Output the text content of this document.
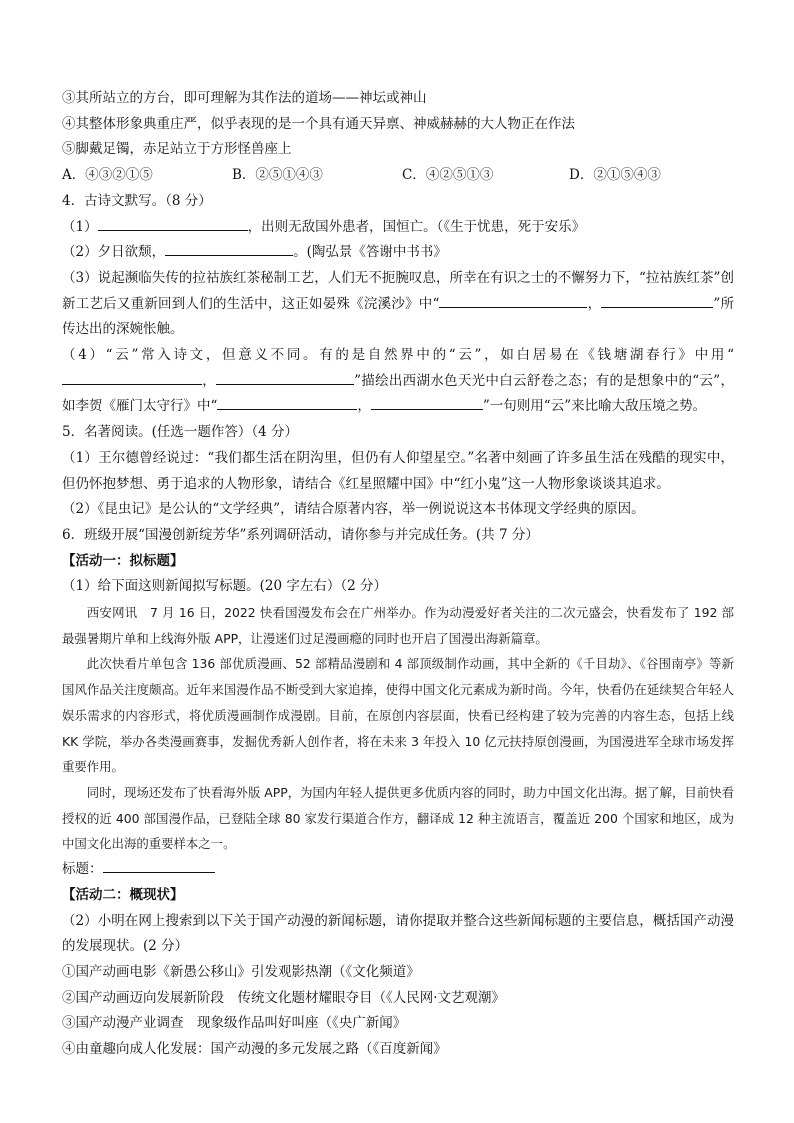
③其所站立的方台，即可理解为其作法的道场——神坛或神山
④其整体形象典重庄严，似乎表现的是一个具有通天异禀、神威赫赫的大人物正在作法
⑤脚戴足镯，赤足站立于方形怪兽座上
A．④③②①⑤	B．②⑤①④③	C．④②⑤①③	D．②①⑤④③
4．古诗文默写。（8 分）
（1）	，出则无敌国外患者，国恒亡。（《生于忧患，死于安乐》
（2）夕日欲颓，	。(陶弘景《答谢中书书》
（3）说起濒临失传的拉祜族红茶秘制工艺，人们无不扼腕叹息，所幸在有识之士的不懈努力下，“拉祜族红茶”创新工艺后又重新回到人们的生活中，这正如晏殊《浣溪沙》中“	，	”所传达出的深婉怅触。
（4）“云”常入诗文，但意义不同。有的是自然界中的“云”，如白居易在《钱塘湖春行》中用“，	”描绘出西湖水色天光中白云舒卷之态；有的是想象中的“云”，如李贺《雁门太守行》中“	，	”一句则用“云”来比喻大敌压境之势。
5．名著阅读。(任选一题作答）（4 分）
（1）王尔德曾经说过：“我们都生活在阴沟里，但仍有人仰望星空。”名著中刻画了许多虽生活在残酷的现实中，但仍怀抱梦想、勇于追求的人物形象，请结合《红星照耀中国》中“红小鬼”这一人物形象谈谈其追求。
（2）《昆虫记》是公认的“文学经典”，请结合原著内容，举一例说说这本书体现文学经典的原因。
6．班级开展“国漫创新绽芳华”系列调研活动，请你参与并完成任务。(共 7 分）
【活动一：拟标题】
（1）给下面这则新闻拟写标题。(20 字左右）（2 分）

西安网讯　7 月 16 日，2022 快看国漫发布会在广州举办。作为动漫爱好者关注的二次元盛会，快看发布了 192 部最强暑期片单和上线海外版 APP，让漫迷们过足漫画瘾的同时也开启了国漫出海新篇章。

此次快看片单包含 136 部优质漫画、52 部精品漫剧和 4 部顶级制作动画，其中全新的《千目劫》、《谷围南亭》等新国风作品关注度颇高。近年来国漫作品不断受到大家追捧，使得中国文化元素成为新时尚。今年，快看仍在延续契合年轻人娱乐需求的内容形式，将优质漫画制作成漫剧。目前，在原创内容层面，快看已经构建了较为完善的内容生态，包括上线 KK 学院，举办各类漫画赛事，发掘优秀新人创作者，将在未来 3 年投入 10 亿元扶持原创漫画，为国漫进军全球市场发挥重要作用。

同时，现场还发布了快看海外版 APP，为国内年轻人提供更多优质内容的同时，助力中国文化出海。据了解，目前快看授权的近 400 部国漫作品，已登陆全球 80 家发行渠道合作方，翻译成 12 种主流语言，覆盖近 200 个国家和地区，成为中国文化出海的重要样本之一。

标题：
【活动二：概现状】
（2）小明在网上搜索到以下关于国产动漫的新闻标题，请你提取并整合这些新闻标题的主要信息，概括国产动漫的发展现状。(2 分）
①国产动画电影《新愚公移山》引发观影热潮（《文化频道》
②国产动画迈向发展新阶段　传统文化题材耀眼夺目（《人民网·文艺观潮》
③国产动漫产业调查　现象级作品叫好叫座（《央广新闻》
④由童趣向成人化发展：国产动漫的多元发展之路（《百度新闻》
